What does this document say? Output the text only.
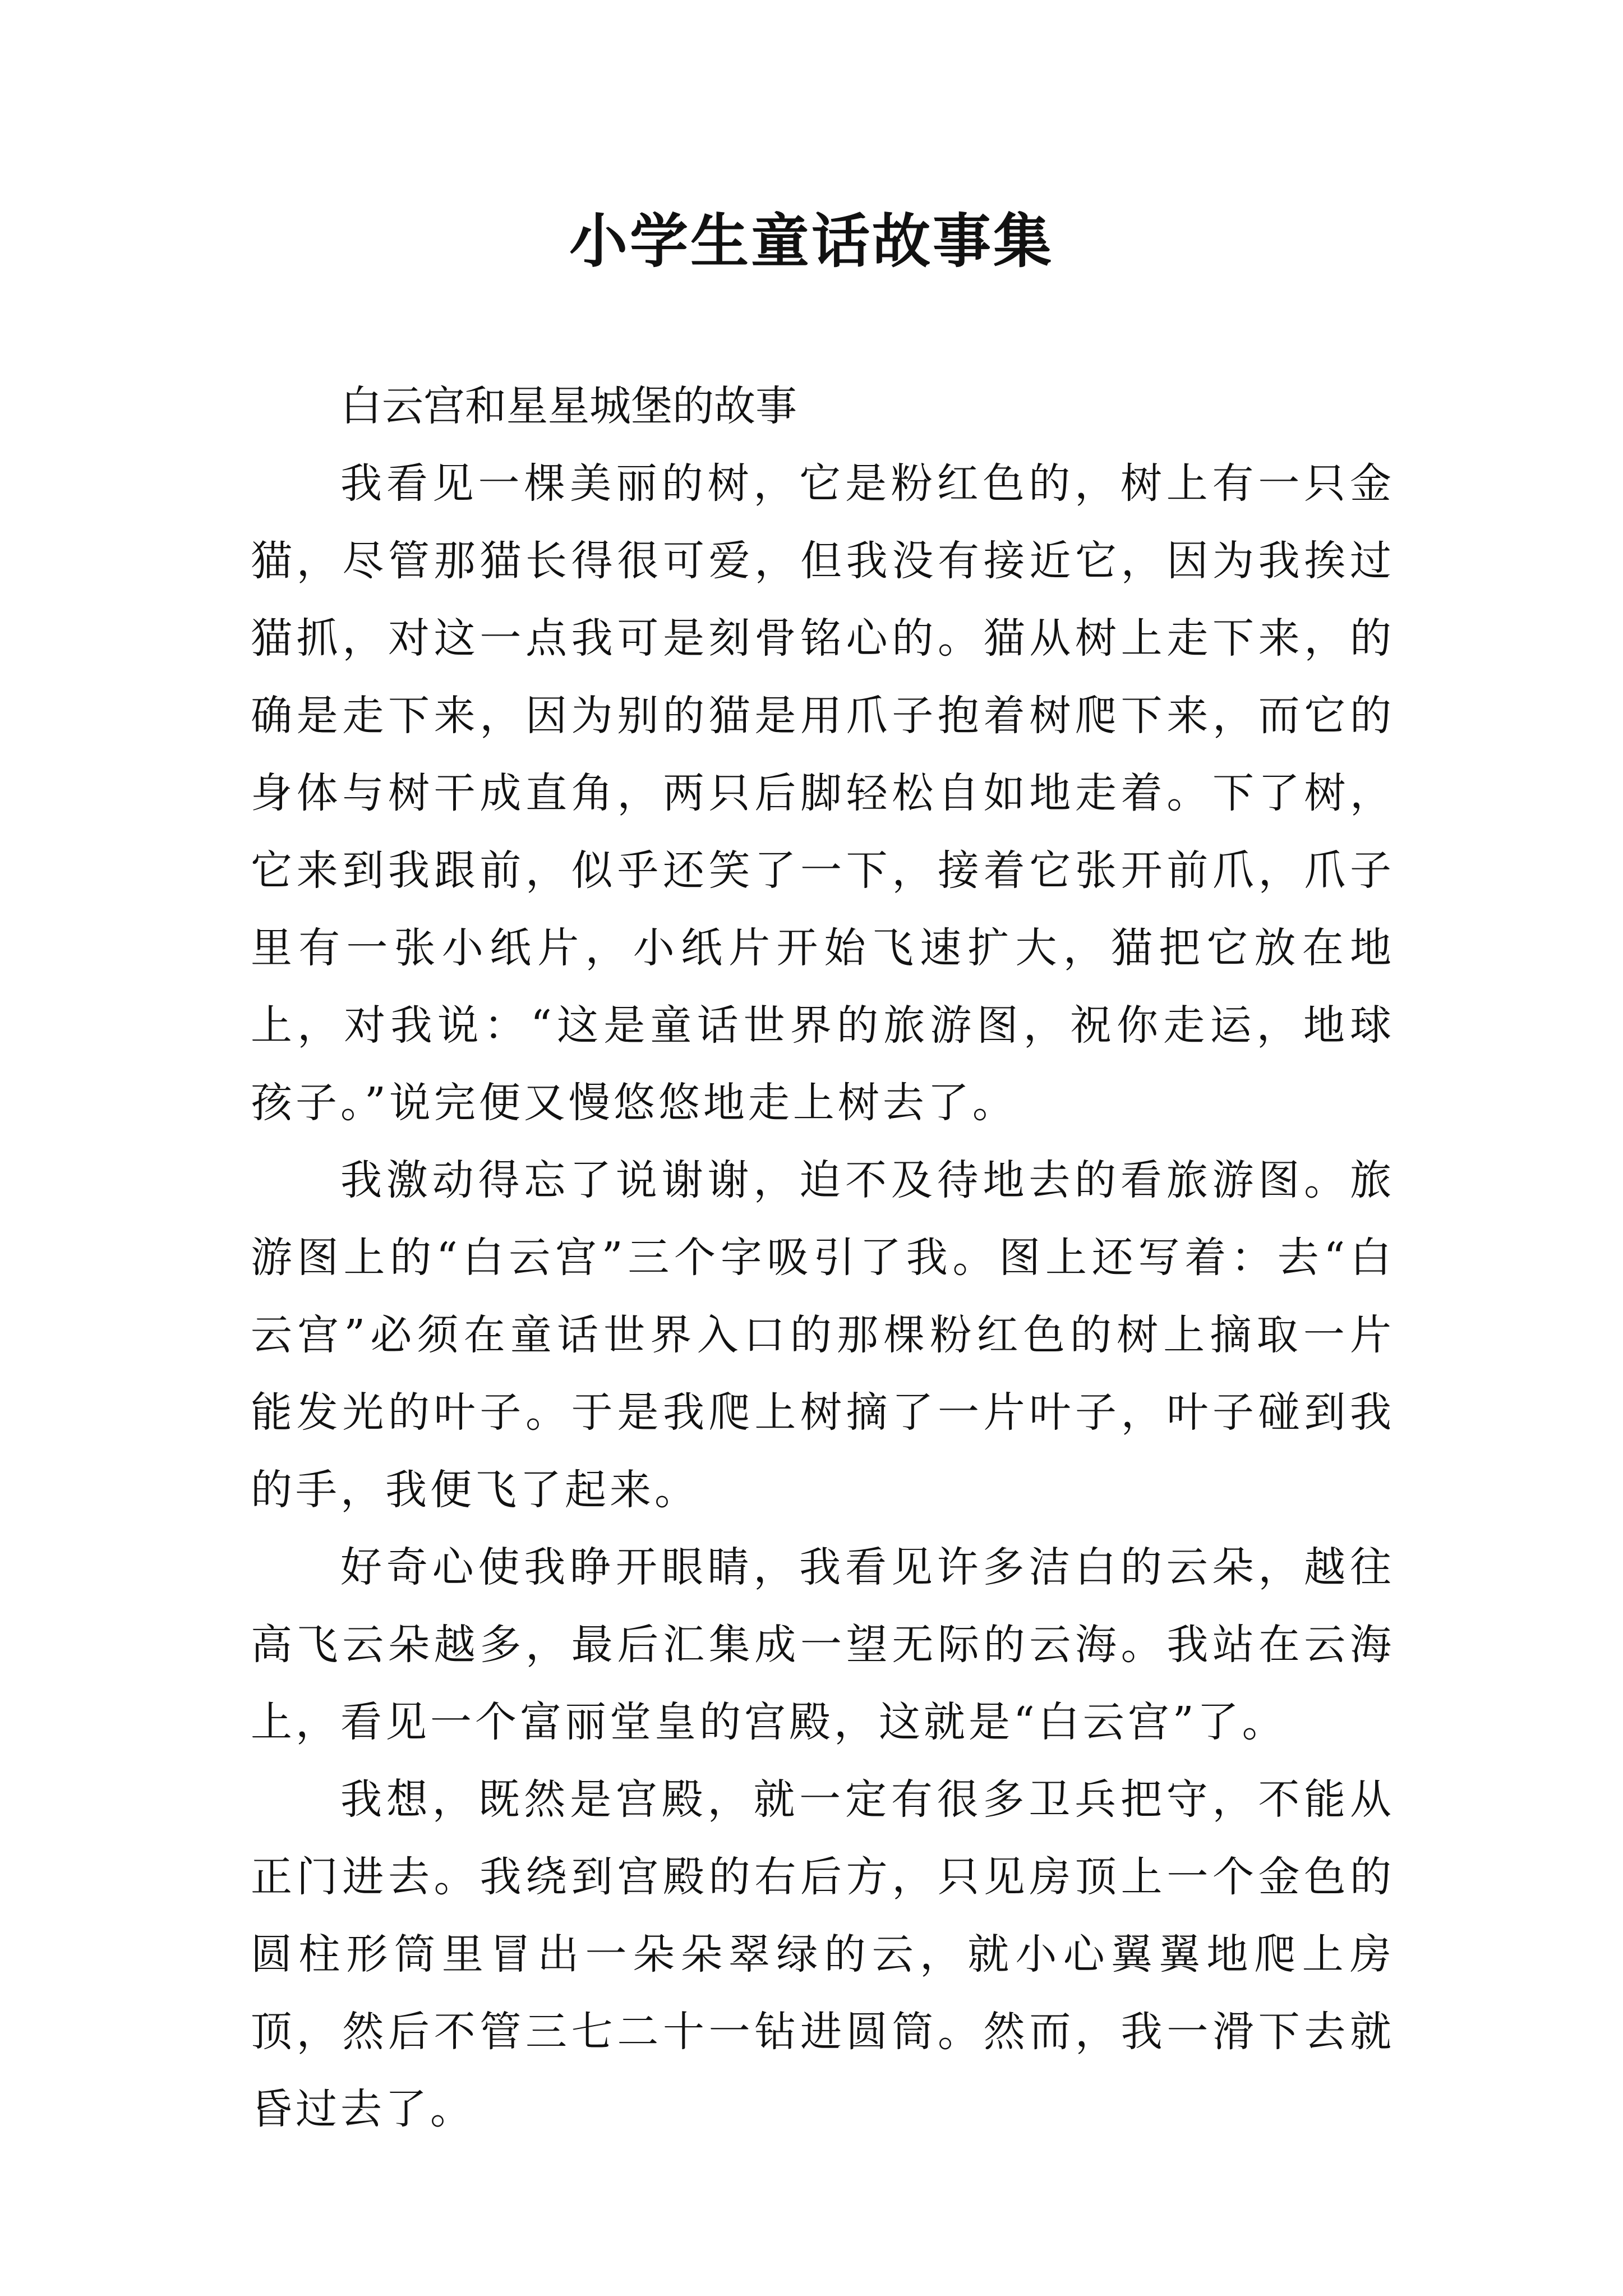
小学生童话故事集

白云宫和星星城堡的故事

我看见一棵美丽的树，它是粉红色的，树上有一只金猫，尽管那猫长得很可爱，但我没有接近它，因为我挨过猫抓，对这一点我可是刻骨铭心的。猫从树上走下来，的确是走下来，因为别的猫是用爪子抱着树爬下来，而它的身体与树干成直角，两只后脚轻松自如地走着。下了树，它来到我跟前，似乎还笑了一下，接着它张开前爪，爪子里有一张小纸片，小纸片开始飞速扩大，猫把它放在地上，对我说：“这是童话世界的旅游图，祝你走运，地球孩子。”说完便又慢悠悠地走上树去了。

我激动得忘了说谢谢，迫不及待地去的看旅游图。旅游图上的“白云宫”三个字吸引了我。图上还写着：去“白云宫”必须在童话世界入口的那棵粉红色的树上摘取一片能发光的叶子。于是我爬上树摘了一片叶子，叶子碰到我的手，我便飞了起来。

好奇心使我睁开眼睛，我看见许多洁白的云朵，越往高飞云朵越多，最后汇集成一望无际的云海。我站在云海上，看见一个富丽堂皇的宫殿，这就是“白云宫”了。

我想，既然是宫殿，就一定有很多卫兵把守，不能从正门进去。我绕到宫殿的右后方，只见房顶上一个金色的圆柱形筒里冒出一朵朵翠绿的云，就小心翼翼地爬上房顶，然后不管三七二十一钻进圆筒。然而，我一滑下去就昏过去了。
